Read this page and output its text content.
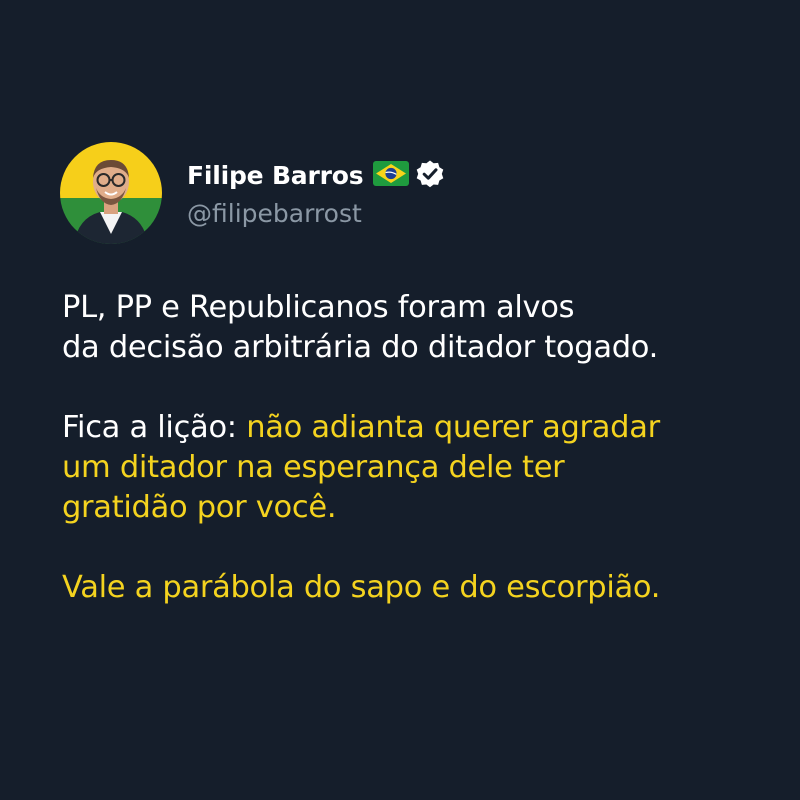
Filipe Barros
@filipebarrost
PL, PP e Republicanos foram alvos
da decisão arbitrária do ditador togado.
Fica a lição: não adianta querer agradar
um ditador na esperança dele ter
gratidão por você.
Vale a parábola do sapo e do escorpião.
